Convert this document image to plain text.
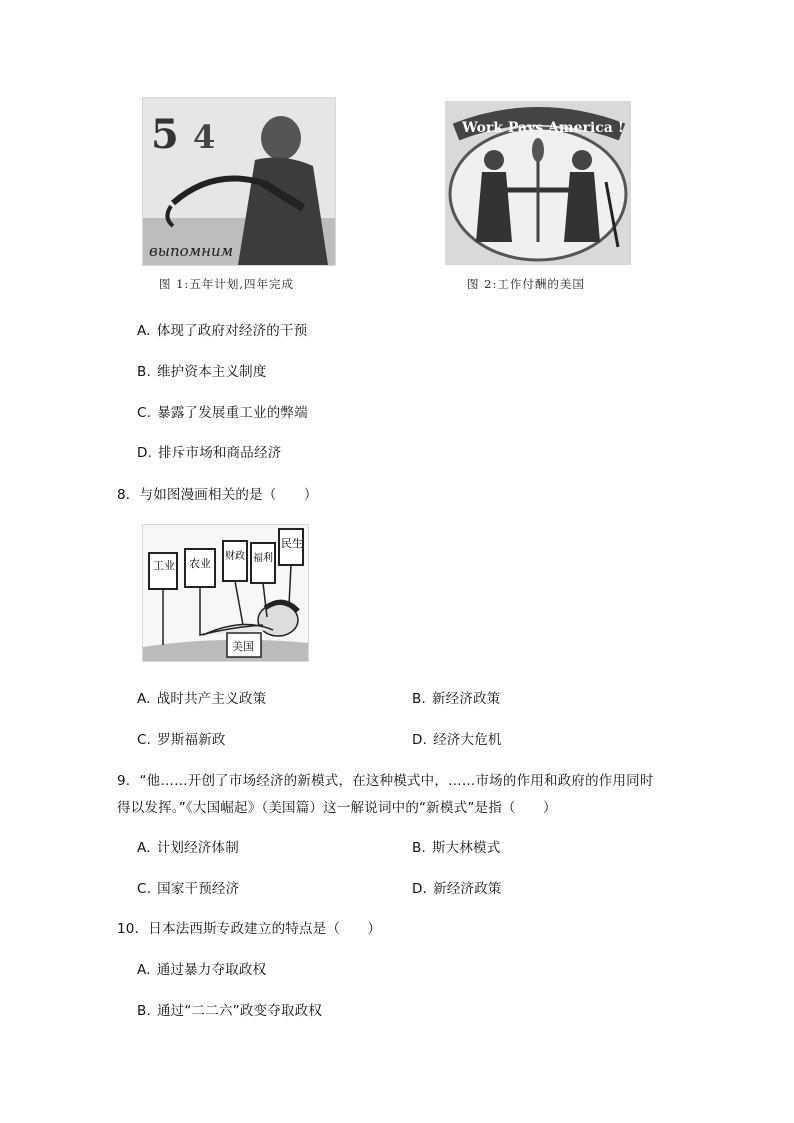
5 4
выпомним
图 1:五年计划,四年完成
Work Pays America !
图 2:工作付酬的美国
A. 体现了政府对经济的干预
B. 维护资本主义制度
C. 暴露了发展重工业的弊端
D. 排斥市场和商品经济
8．与如图漫画相关的是（　　）
美国
工业 农业
财政 福利
民生
A. 战时共产主义政策	B. 新经济政策
C. 罗斯福新政	D. 经济大危机
9．“他……开创了市场经济的新模式，在这种模式中，……市场的作用和政府的作用同时
得以发挥。”《大国崛起》（美国篇）这一解说词中的“新模式”是指（　　）
A. 计划经济体制	B. 斯大林模式
C. 国家干预经济	D. 新经济政策
10．日本法西斯专政建立的特点是（　　）
A. 通过暴力夺取政权
B. 通过“二二六”政变夺取政权
